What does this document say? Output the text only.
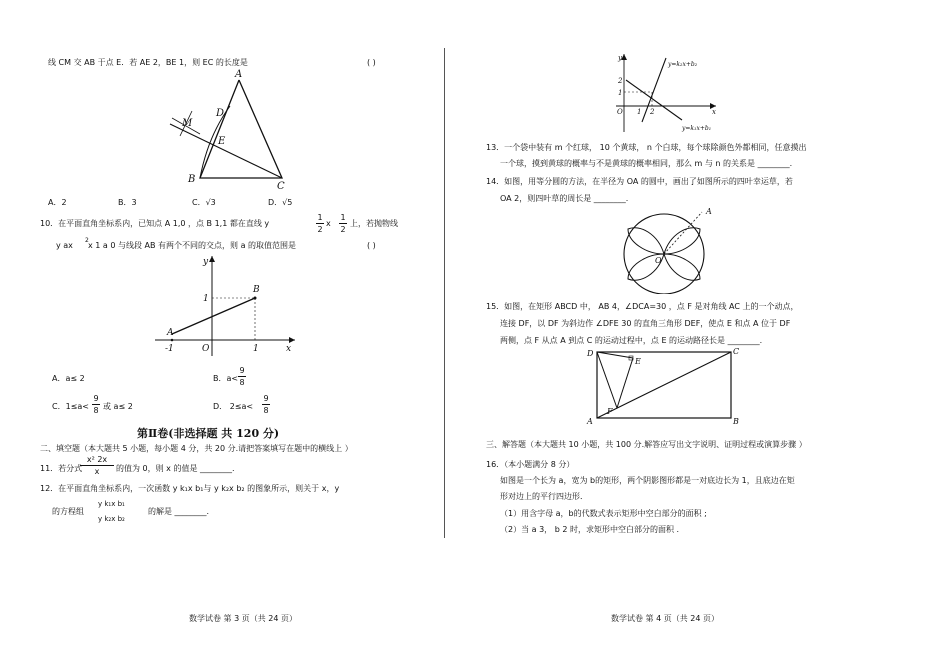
线 CM 交 AB 于点 E．若 AE 2，BE 1，则 EC 的长度是	( )
A
M
D
E
B
C
A．2	B．3	C．√3	D．√5
10．在平面直角坐标系内，已知点 A 1,0 ，点 B 1,1 都在直线 y
1
2
x
1
2
上，若抛物线
y ax
2
x 1 a 0 与线段 AB 有两个不同的交点，则 a 的取值范围是	( )
y
B
1
A
O
-1	1	x
A．a≤ 2	B．a<
9
8
C．1≤a<
9
8 或 a≤ 2	D． 2≤a<
9
8
第Ⅱ卷(非选择题 共 120 分)
二、填空题（本大题共 5 小题，每小题 4 分，共 20 分.请把答案填写在题中的横线上 ）
11．若分式
x² 2x
x	的值为 0，则 x 的值是 ________.
12．在平面直角坐标系内，一次函数 y k₁x b₁与 y k₂x b₂ 的图象所示，则关于 x，y
的方程组
y k₁x b₁
y k₂x b₂
的解是 ________.
数学试卷 第 3 页（共 24 页）
y
y=k₂x+b₂
2
1
O 1 2	x
y=k₁x+b₁
13．一个袋中装有 m 个红球， 10 个黄球， n 个白球，每个球除颜色外都相同，任意摸出
一个球，摸到黄球的概率与不是黄球的概率相同，那么 m 与 n 的关系是 ________.
14．如图，用等分圆的方法，在半径为 OA 的圆中，画出了如图所示的四叶幸运草，若
OA 2，则四叶草的周长是 ________.
A
O
15．如图，在矩形 ABCD 中， AB 4，∠DCA=30 ，点 F 是对角线 AC 上的一个动点，
连接 DF，以 DF 为斜边作 ∠DFE 30 的直角三角形 DEF，使点 E 和点 A 位于 DF
两侧，点 F 从点 A 到点 C 的运动过程中，点 E 的运动路径长是 ________.
D
E
C
F
A	B
三、解答题（本大题共 10 小题，共 100 分.解答应写出文字说明、证明过程或演算步骤 ）
16．（本小题满分 8 分）
如图是一个长为 a，宽为 b的矩形，两个阴影图形都是一对底边长为 1，且底边在矩
形对边上的平行四边形．
（1）用含字母 a，b的代数式表示矩形中空白部分的面积 ;
（2）当 a 3， b 2 时，求矩形中空白部分的面积 .
数学试卷 第 4 页（共 24 页）
